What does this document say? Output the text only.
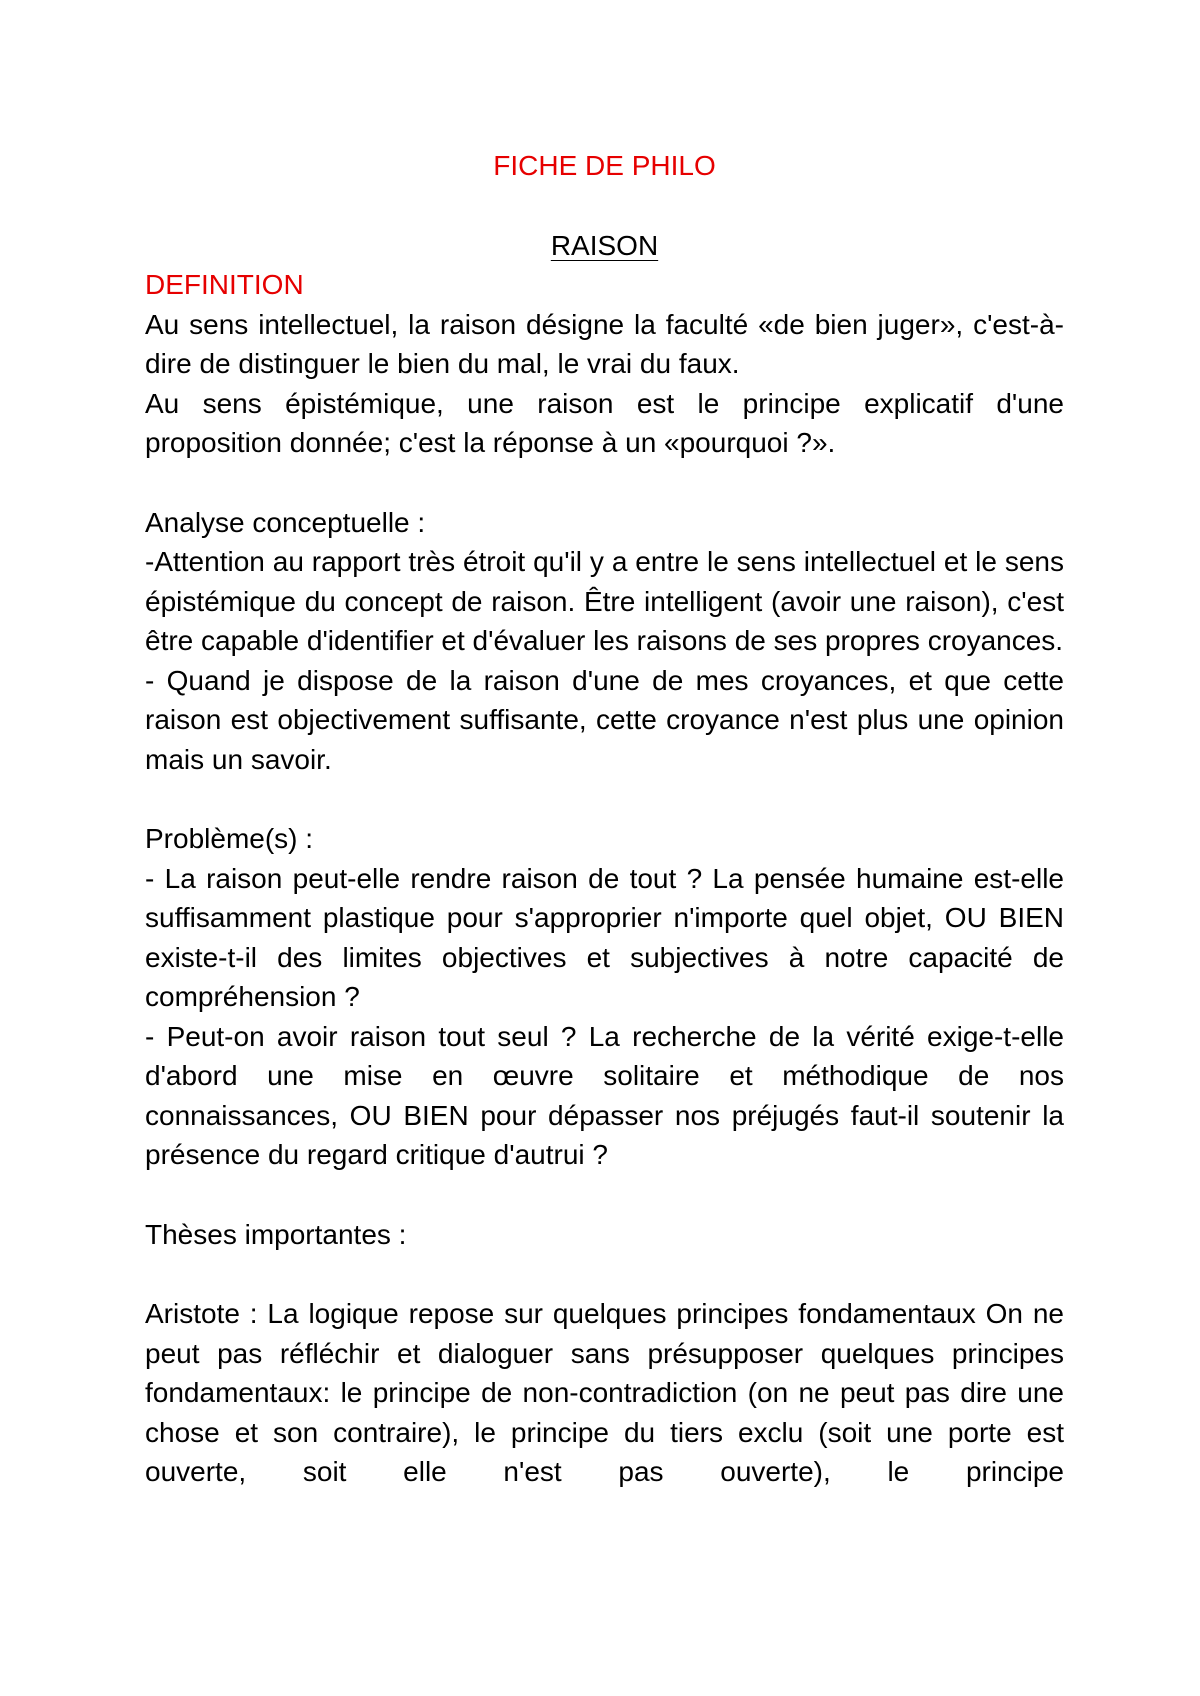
FICHE DE PHILO
RAISON

DEFINITION

Au sens intellectuel, la raison désigne la faculté «de bien juger», c'est-à-dire de distinguer le bien du mal, le vrai du faux.

Au sens épistémique, une raison est le principe explicatif d'une proposition donnée; c'est la réponse à un «pourquoi ?».

Analyse conceptuelle :

-Attention au rapport très étroit qu'il y a entre le sens intellectuel et le sens épistémique du concept de raison. Être intelligent (avoir une raison), c'est être capable d'identifier et d'évaluer les raisons de ses propres croyances.

- Quand je dispose de la raison d'une de mes croyances, et que cette raison est objectivement suffisante, cette croyance n'est plus une opinion mais un savoir.

Problème(s) :

- La raison peut-elle rendre raison de tout ? La pensée humaine est-elle suffisamment plastique pour s'approprier n'importe quel objet, OU BIEN existe-t-il des limites objectives et subjectives à notre capacité de compréhension ?

- Peut-on avoir raison tout seul ? La recherche de la vérité exige-t-elle d'abord une mise en œuvre solitaire et méthodique de nos connaissances, OU BIEN pour dépasser nos préjugés faut-il soutenir la présence du regard critique d'autrui ?

Thèses importantes :

Aristote : La logique repose sur quelques principes fondamentaux On ne peut pas réfléchir et dialoguer sans présupposer quelques principes fondamentaux: le principe de non-contradiction (on ne peut pas dire une chose et son contraire), le principe du tiers exclu (soit une porte est ouverte, soit elle n'est pas ouverte), le principe
